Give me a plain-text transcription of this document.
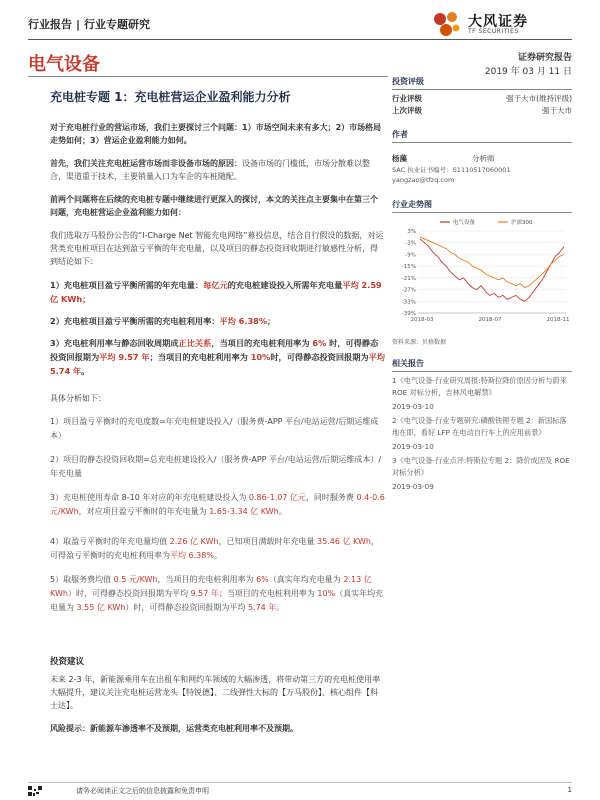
行业报告 | 行业专题研究	大风证券
TF SECURITIES
电气设备	证券研究报告
2019 年 03 月 11 日
充电桩专题 1：充电桩营运企业盈利能力分析

对于充电桩行业的营运市场，我们主要探讨三个问题：1）市场空间未来有多大；2）市场格局走势如何；3）营运企业盈利能力如何。

首先，我们关注充电桩运营市场而非设备市场的原因：设备市场的门槛低，市场分散难以整合，渠道重于技术，主要销量入口为车企的车桩随配。

前两个问题将在后续的充电桩专题中继续进行更深入的探讨，本文的关注点主要集中在第三个问题，充电桩营运企业盈利能力如何：

我们选取万马股份公告的“I-Charge Net 智能充电网络”募投信息，结合自行假设的数据，对运营类充电桩项目在达到盈亏平衡的年充电量，以及项目的静态投资回收期进行敏感性分析，得到结论如下：

1）充电桩项目盈亏平衡所需的年充电量：每亿元的充电桩建设投入所需年充电量平均 2.59 亿 KWh；

2）充电桩项目盈亏平衡所需的充电桩利用率：平均 6.38%；

3）充电桩利用率与静态回收周期成正比关系，当项目的充电桩利用率为 6% 时，可得静态投资回报期为平均 9.57 年；当项目的充电桩利用率为 10%时，可得静态投资回报期为平均 5.74 年。

具体分析如下：

1）项目盈亏平衡时的充电度数=年充电桩建设投入/（服务费-APP 平台/电站运营/后期运维成本）

2）项目的静态投资回收期=总充电桩建设投入/（服务费-APP 平台/电站运营/后期运维成本）/年充电量

3）充电桩使用寿命 8-10 年对应的年充电桩建设投入为 0.86-1.07 亿元，同时服务费 0.4-0.6 元/KWh，对应项目盈亏平衡时的年充电量为 1.65-3.34 亿 KWh。

4）取盈亏平衡时的年充电量均值 2.26 亿 KWh，已知项目满载时年充电量 35.46 亿 KWh，可得盈亏平衡时的充电桩利用率为平均 6.38%。

5）取服务费均值 0.5 元/KWh，当项目的充电桩利用率为 6%（真实年均充电量为 2.13 亿 KWh）时，可得静态投资回报期为平均 9.57 年；当项目的充电桩利用率为 10%（真实年均充电量为 3.55 亿 KWh）时，可得静态投资回报期为平均 5.74 年。

投资建议

未来 2-3 年，新能源乘用车在出租车和网约车领域的大幅渗透，将带动第三方的充电桩使用率大幅提升，建议关注充电桩运营龙头【特锐德】、二线弹性大标的【万马股份】、核心组件【科士达】。

风险提示：新能源车渗透率不及预期，运营类充电桩利用率不及预期。

投资评级
行业评级	强于大市(维持评级)
上次评级	强于大市
作者
杨藻	分析师
SAC 执业证书编号：S1110517060001
yangzao@tfzq.com
行业走势图
3%
-3%
-9%
-15%
-21%
-27%
-33%
-39%
2018-03	2018-07	2018-11
电气设备	沪深300
资料来源：贝格数据
相关报告
1《电气设备-行业研究周报:特斯拉降价原因分析与蔚来 ROE 对标分析，吉林风电解禁》
2019-03-10
2《电气设备-行业专题研究:磷酸铁锂专题 2：新国标落地在即，看好 LFP 在电动自行车上的应用前景》
2019-03-10
3《电气设备-行业点评:特斯拉专题 2：降价成因及 ROE 对标分析》
2019-03-09
请务必阅读正文之后的信息披露和免责申明	1
